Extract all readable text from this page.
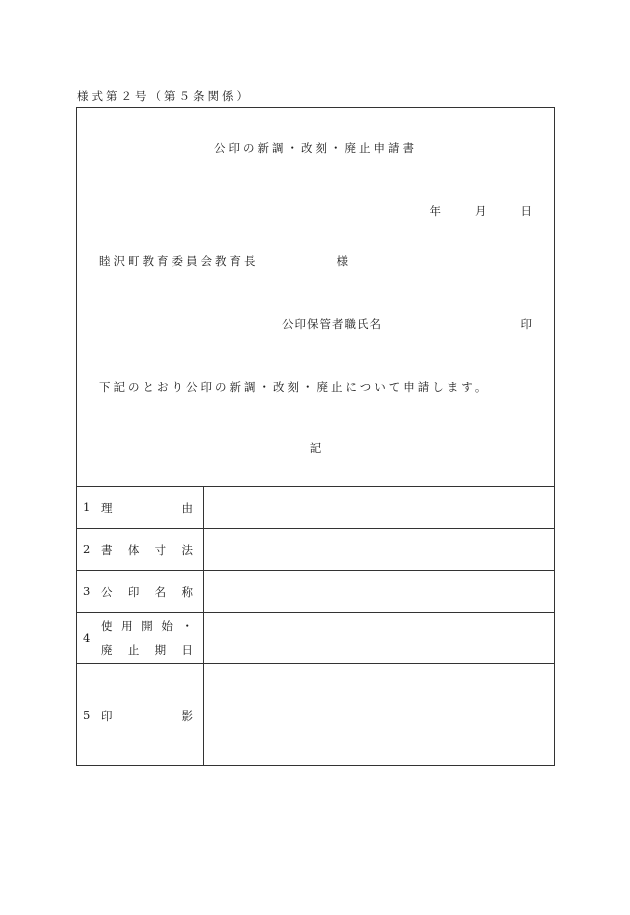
様式第２号（第５条関係）
公印の新調・改刻・廃止申請書
年	月	日
睦沢町教育委員会教育長	様
公印保管者職氏名	印
下記のとおり公印の新調・改刻・廃止について申請します。
記
1 理	由
2 書 体 寸 法
3 公 印 名 称
4
使 用 開 始 ・
廃 止 期 日
5 印	影
